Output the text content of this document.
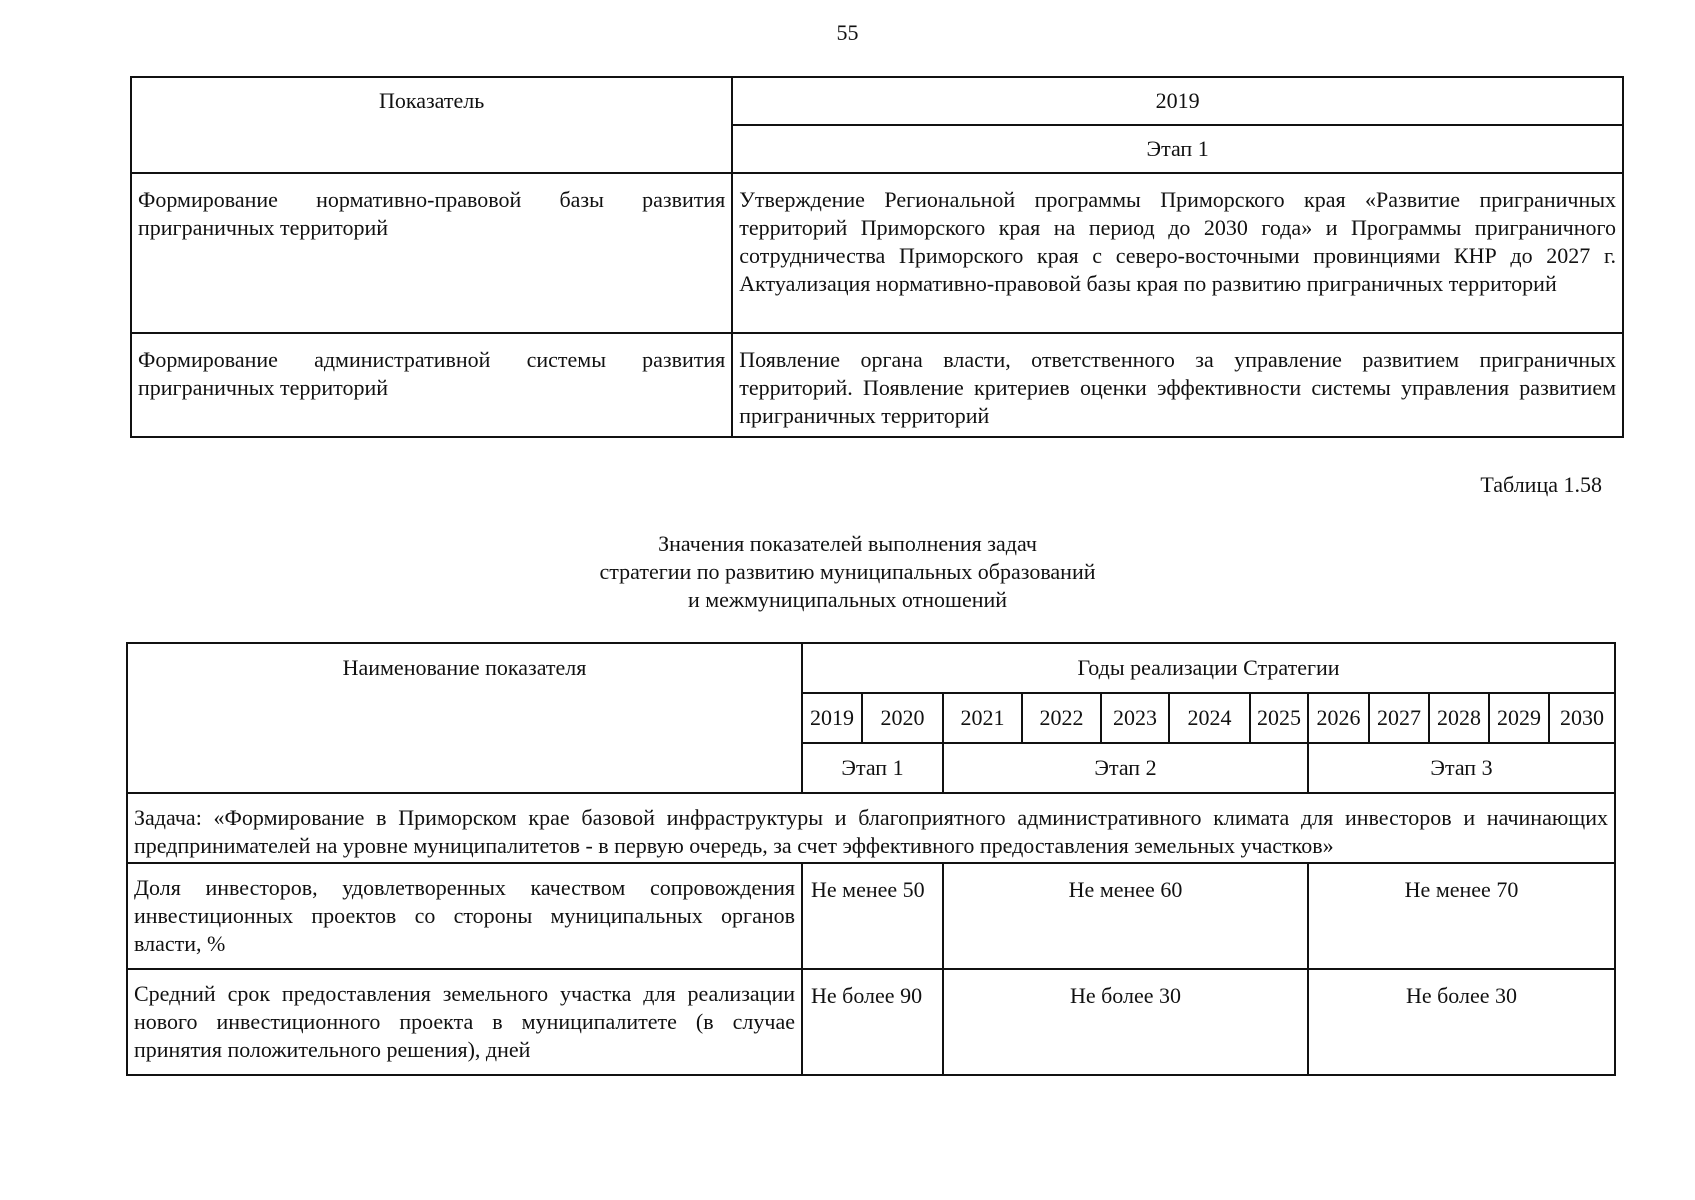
55
Показатель	2019
	Этап 1
Формирование нормативно-правовой базы развития приграничных территорий	Утверждение Региональной программы Приморского края «Развитие приграничных территорий Приморского края на период до 2030 года» и Программы приграничного сотрудничества Приморского края с северо-восточными провинциями КНР до 2027 г. Актуализация нормативно-правовой базы края по развитию приграничных территорий
Формирование административной системы развития приграничных территорий	Появление органа власти, ответственного за управление развитием приграничных территорий. Появление критериев оценки эффективности системы управления развитием приграничных территорий
Таблица 1.58
Значения показателей выполнения задач
стратегии по развитию муниципальных образований
и межмуниципальных отношений
Наименование показателя	Годы реализации Стратегии											
	2019	2020	2021	2022	2023	2024	2025	2026	2027	2028	2029	2030
	Этап 1		Этап 2					Этап 3				
Задача: «Формирование в Приморском крае базовой инфраструктуры и благоприятного административного климата для инвесторов и начинающих предпринимателей на уровне муниципалитетов - в первую очередь, за счет эффективного предоставления земельных участков»												
Доля инвесторов, удовлетворенных качеством сопровождения инвестиционных проектов со стороны муниципальных органов власти, %	Не менее 50		Не менее 60					Не менее 70				
Средний срок предоставления земельного участка для реализации нового инвестиционного проекта в муниципалитете (в случае принятия положительного решения), дней	Не более 90		Не более 30					Не более 30				
